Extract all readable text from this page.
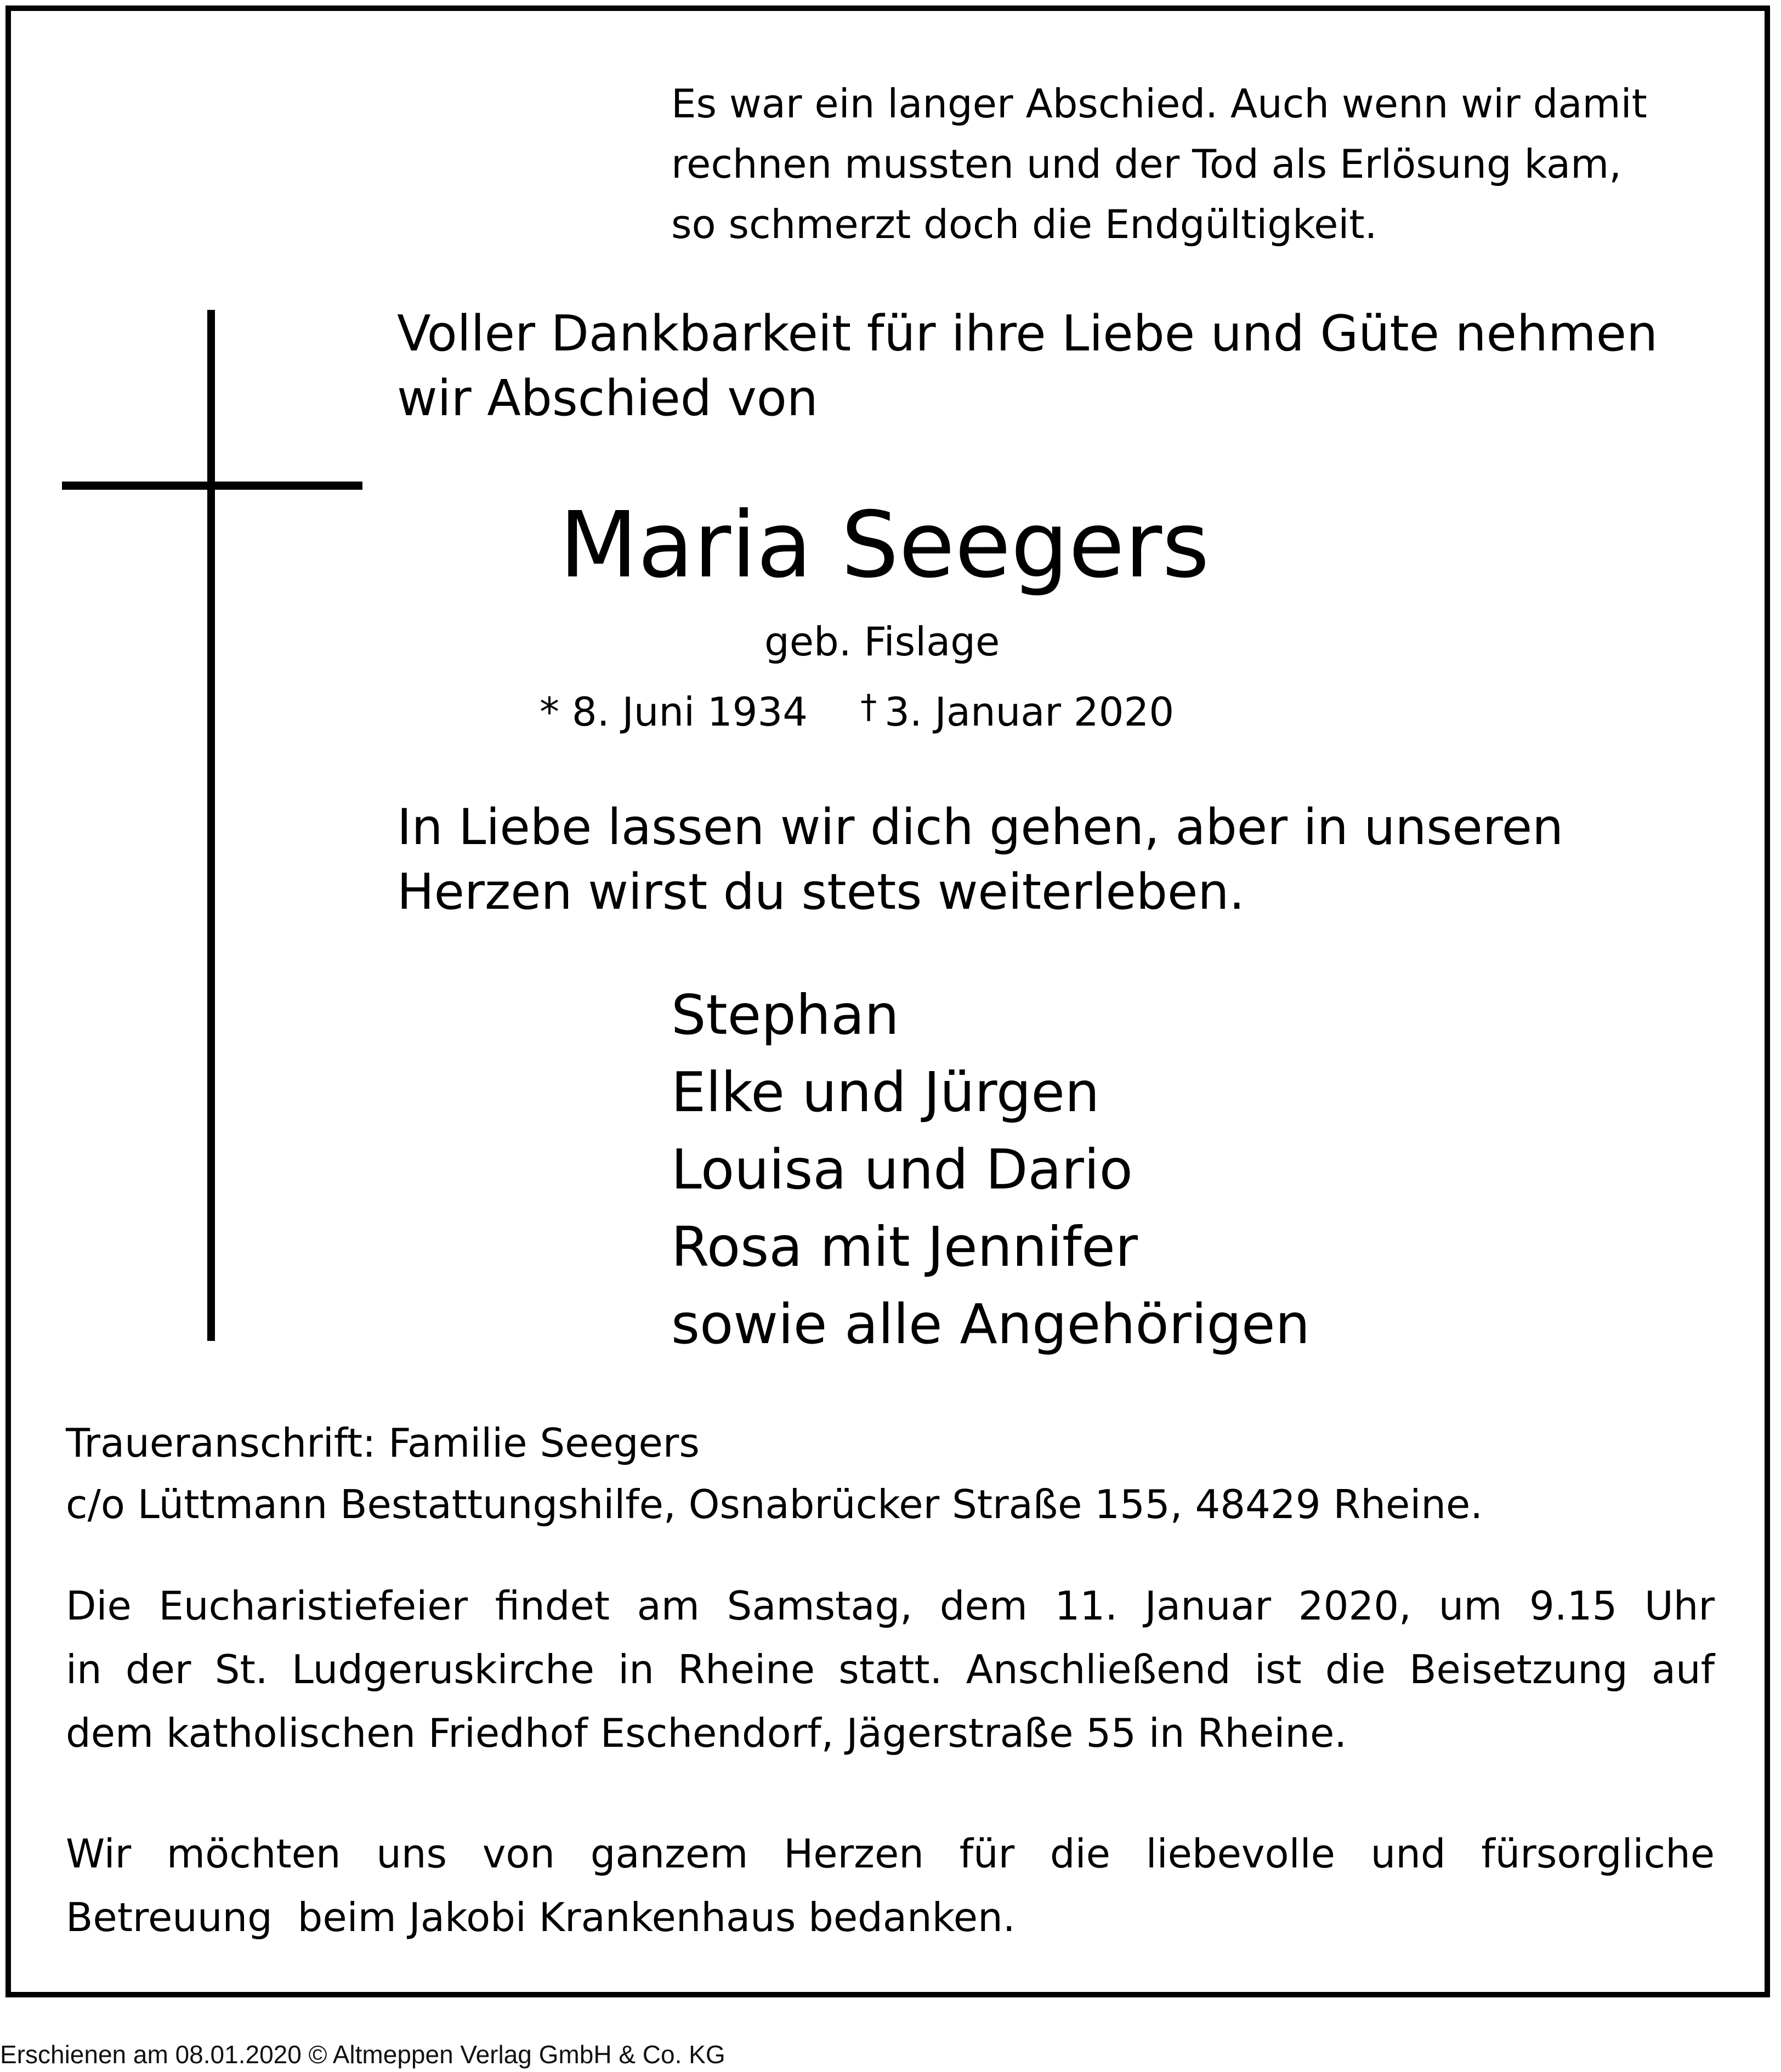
Es war ein langer Abschied. Auch wenn wir damit
rechnen mussten und der Tod als Erlösung kam,
so schmerzt doch die Endgültigkeit.
Voller Dankbarkeit für ihre Liebe und Güte nehmen
wir Abschied von
Maria Seegers
geb. Fislage
* 8. Juni 1934 † 3. Januar 2020
In Liebe lassen wir dich gehen, aber in unseren
Herzen wirst du stets weiterleben.
Stephan
Elke und Jürgen
Louisa und Dario
Rosa mit Jennifer
sowie alle Angehörigen
Traueranschrift: Familie Seegers
c/o Lüttmann Bestattungshilfe, Osnabrücker Straße 155, 48429 Rheine.
Die Eucharistiefeier findet am Samstag, dem 11. Januar 2020, um 9.15 Uhr
in der St. Ludgeruskirche in Rheine statt. Anschließend ist die Beisetzung auf
dem katholischen Friedhof Eschendorf, Jägerstraße 55 in Rheine.
Wir möchten uns von ganzem Herzen für die liebevolle und fürsorgliche
Betreuung  beim Jakobi Krankenhaus bedanken.
Erschienen am 08.01.2020 © Altmeppen Verlag GmbH & Co. KG
